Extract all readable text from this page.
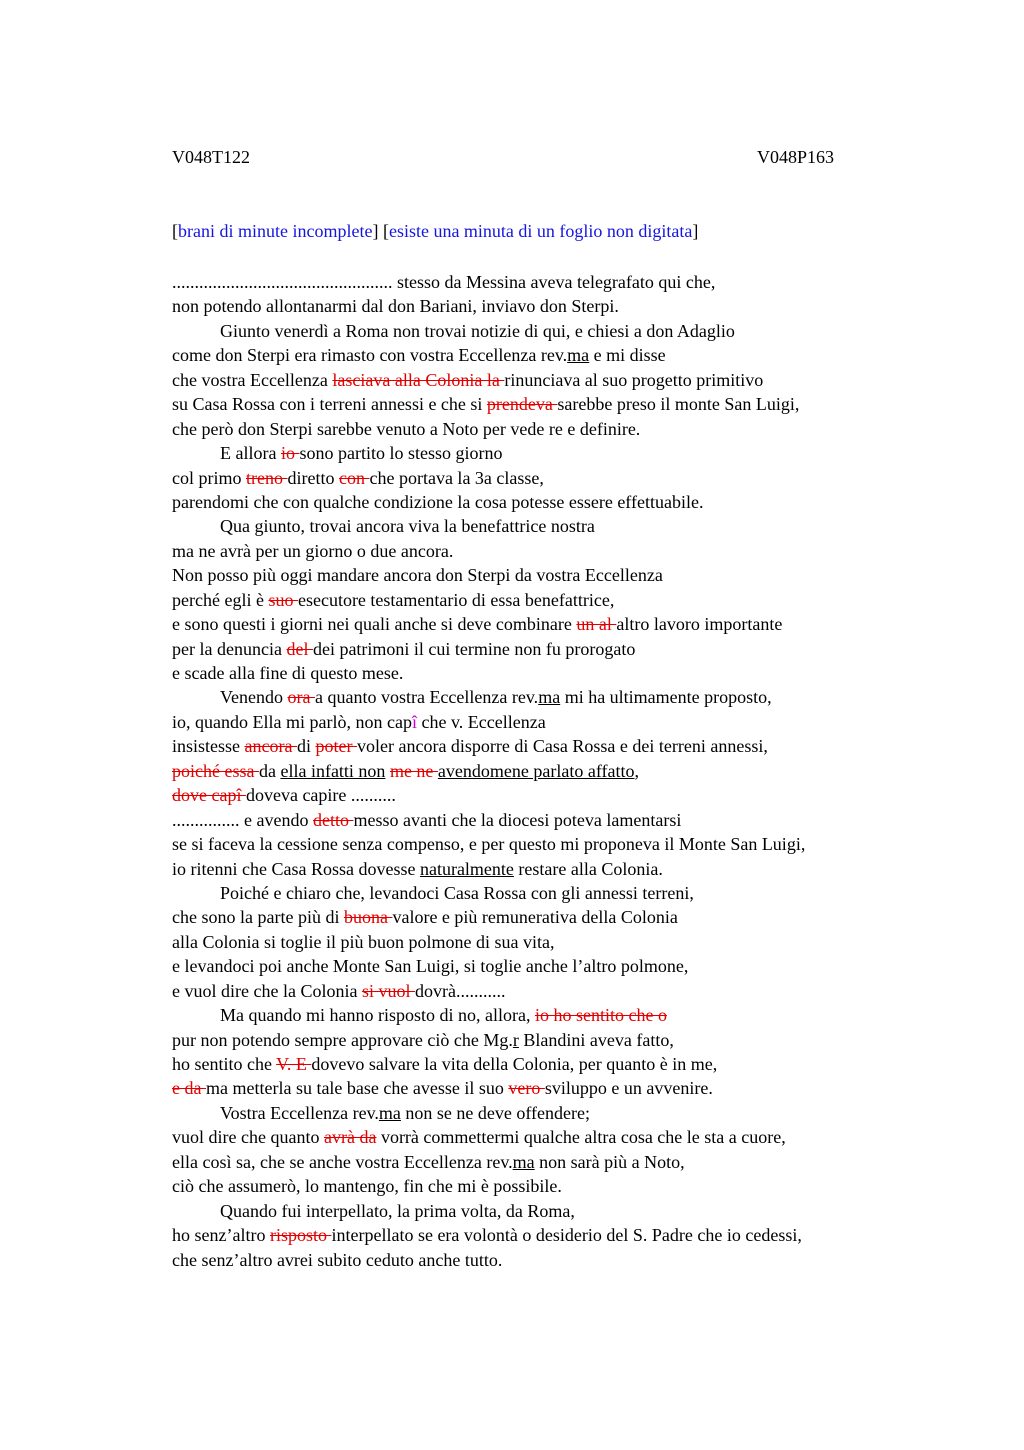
V048T122	V048P163
[brani di minute incomplete] [esiste una minuta di un foglio non digitata]
................................................. stesso da Messina aveva telegrafato qui che,
non potendo allontanarmi dal don Bariani, inviavo don Sterpi.
Giunto venerdì a Roma non trovai notizie di qui, e chiesi a don Adaglio
come don Sterpi era rimasto con vostra Eccellenza rev.ma e mi disse
che vostra Eccellenza lasciava alla Colonia la rinunciava al suo progetto primitivo
su Casa Rossa con i terreni annessi e che si prendeva sarebbe preso il monte San Luigi,
che però don Sterpi sarebbe venuto a Noto per vede re e definire.
E allora io sono partito lo stesso giorno
col primo treno diretto con che portava la 3a classe,
parendomi che con qualche condizione la cosa potesse essere effettuabile.
Qua giunto, trovai ancora viva la benefattrice nostra
ma ne avrà per un giorno o due ancora.
Non posso più oggi mandare ancora don Sterpi da vostra Eccellenza
perché egli è suo esecutore testamentario di essa benefattrice,
e sono questi i giorni nei quali anche si deve combinare un al altro lavoro importante
per la denuncia del dei patrimoni il cui termine non fu prorogato
e scade alla fine di questo mese.
Venendo ora a quanto vostra Eccellenza rev.ma mi ha ultimamente proposto,
io, quando Ella mi parlò, non capî che v. Eccellenza
insistesse ancora di poter voler ancora disporre di Casa Rossa e dei terreni annessi,
poiché essa da ella infatti non me ne avendomene parlato affatto,
dove capî doveva capire ..........
............... e avendo detto messo avanti che la diocesi poteva lamentarsi
se si faceva la cessione senza compenso, e per questo mi proponeva il Monte San Luigi,
io ritenni che Casa Rossa dovesse naturalmente restare alla Colonia.
Poiché e chiaro che, levandoci Casa Rossa con gli annessi terreni,
che sono la parte più di buona valore e più remunerativa della Colonia
alla Colonia si toglie il più buon polmone di sua vita,
e levandoci poi anche Monte San Luigi, si toglie anche l’altro polmone,
e vuol dire che la Colonia si vuol dovrà...........
Ma quando mi hanno risposto di no, allora, io ho sentito che o
pur non potendo sempre approvare ciò che Mg.r Blandini aveva fatto,
ho sentito che V. E dovevo salvare la vita della Colonia, per quanto è in me,
e da ma metterla su tale base che avesse il suo vero sviluppo e un avvenire.
Vostra Eccellenza rev.ma non se ne deve offendere;
vuol dire che quanto avrà da vorrà commettermi qualche altra cosa che le sta a cuore,
ella così sa, che se anche vostra Eccellenza rev.ma non sarà più a Noto,
ciò che assumerò, lo mantengo, fin che mi è possibile.
Quando fui interpellato, la prima volta, da Roma,
ho senz’altro risposto interpellato se era volontà o desiderio del S. Padre che io cedessi,
che senz’altro avrei subito ceduto anche tutto.
